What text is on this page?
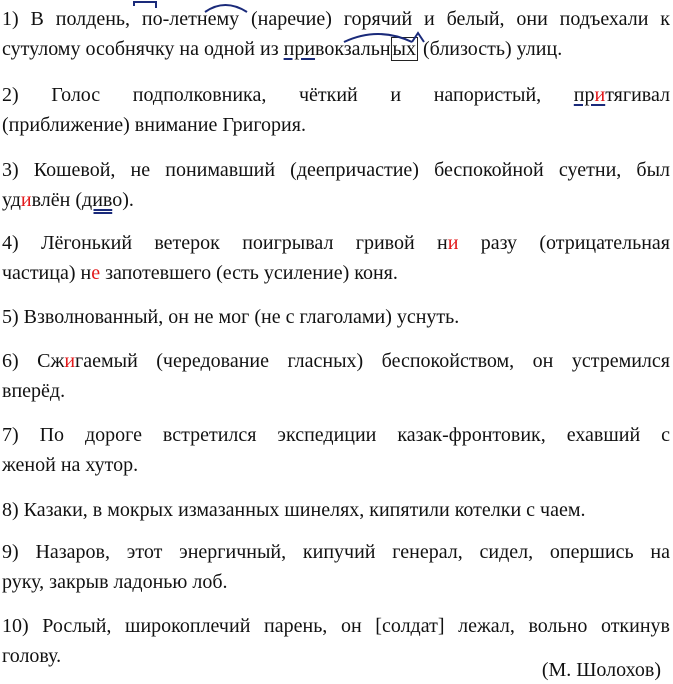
1) В полдень, по-летнему (наречие) горячий и белый, они подъехали к
сутулому особнячку на одной из привокзальн ых (близость) улиц.
2) Голос подполковника, чёткий и напористый, притягивал
(приближение) внимание Григория.
3) Кошевой, не понимавший (деепричастие) беспокойной суетни, был
удивлён (диво).
4) Лёгонький ветерок поигрывал гривой ни разу (отрицательная
частица) не запотевшего (есть усиление) коня.
5) Взволнованный, он не мог (не с глаголами) уснуть.
6) Сжигаемый (чередование гласных) беспокойством, он устремился
вперёд.
7) По дороге встретился экспедиции казак-фронтовик, ехавший с
женой на хутор.
8) Казаки, в мокрых измазанных шинелях, кипятили котелки с чаем.
9) Назаров, этот энергичный, кипучий генерал, сидел, опершись на
руку, закрыв ладонью лоб.
10) Рослый, широкоплечий парень, он [солдат] лежал, вольно откинув
голову.
(М. Шолохов)
